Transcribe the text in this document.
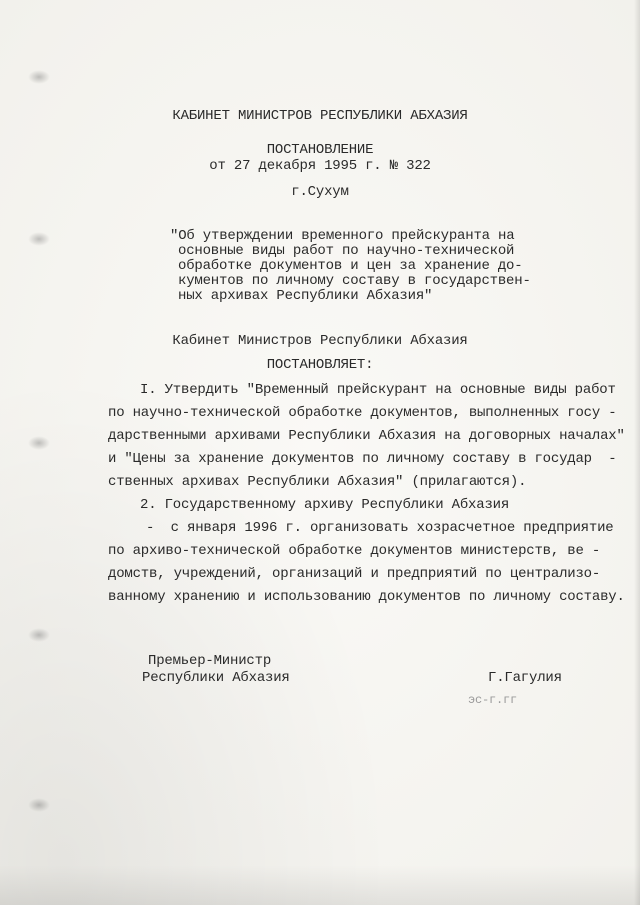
КАБИНЕТ МИНИСТРОВ РЕСПУБЛИКИ АБХАЗИЯ
ПОСТАНОВЛЕНИЕ
от 27 декабря 1995 г. № 322
г.Сухум
"Об утверждении временного прейскуранта на
основные виды работ по научно-технической
обработке документов и цен за хранение до-
кументов по личному составу в государствен-
ных архивах Республики Абхазия"
Кабинет Министров Республики Абхазия
ПОСТАНОВЛЯЕТ:
I. Утвердить "Временный прейскурант на основные виды работ
по научно-технической обработке документов, выполненных госу -
дарственными архивами Республики Абхазия на договорных началах"
и "Цены за хранение документов по личному составу в государ  -
ственных архивах Республики Абхазия" (прилагаются).
2. Государственному архиву Республики Абхазия
-  с января 1996 г. организовать хозрасчетное предприятие
по архиво-технической обработке документов министерств, ве -
домств, учреждений, организаций и предприятий по централизо-
ванному хранению и использованию документов по личному составу.
Премьер-Министр
Республики Абхазия	Г.Гагулия
эс-г.гг
